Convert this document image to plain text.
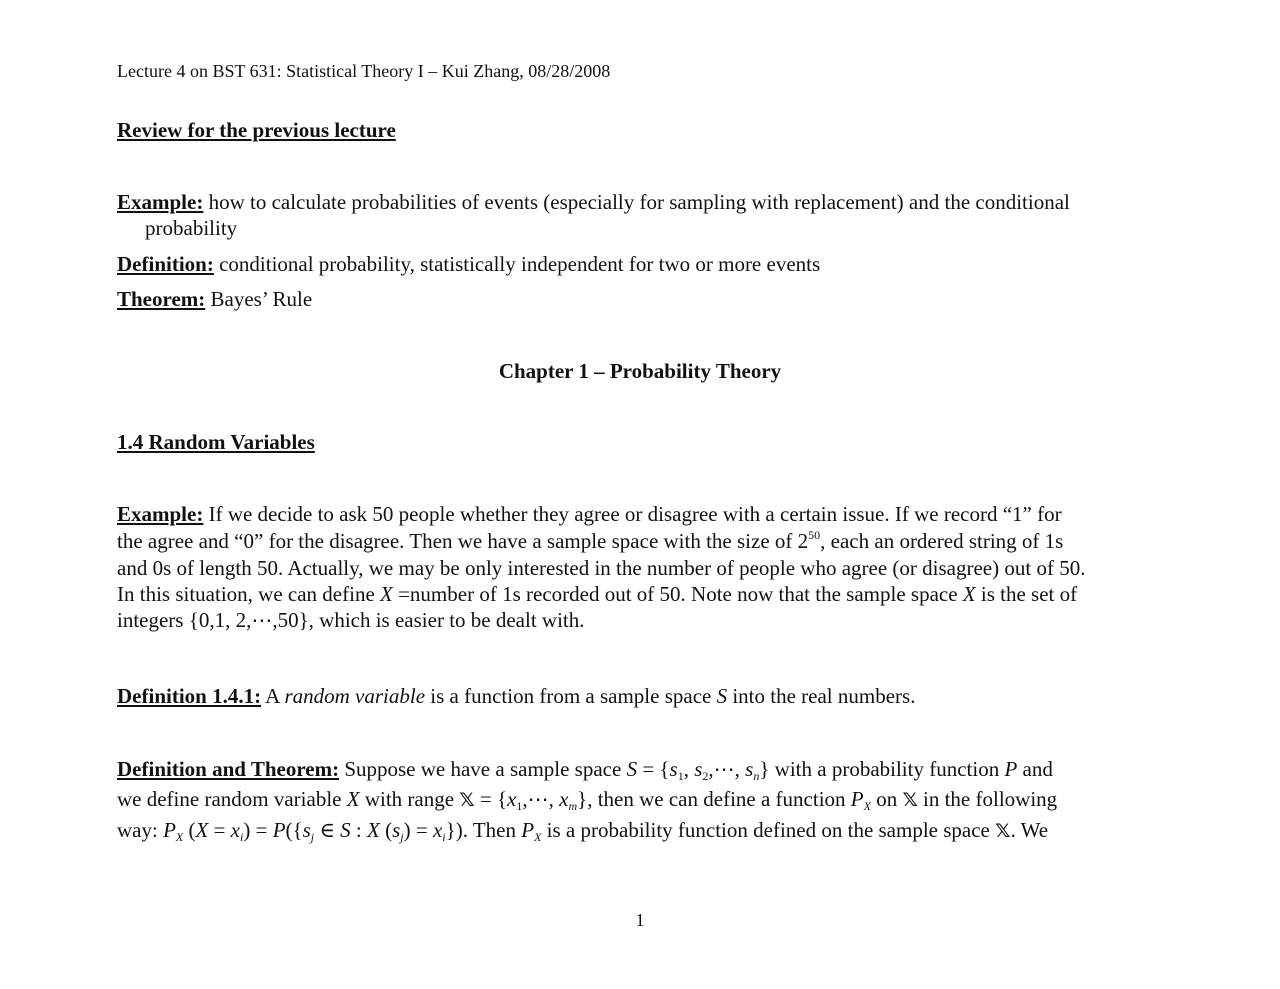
Lecture 4 on BST 631: Statistical Theory I – Kui Zhang, 08/28/2008
Review for the previous lecture
Example: how to calculate probabilities of events (especially for sampling with replacement) and the conditional
probability
Definition: conditional probability, statistically independent for two or more events
Theorem: Bayes’ Rule
Chapter 1 – Probability Theory
1.4 Random Variables
Example: If we decide to ask 50 people whether they agree or disagree with a certain issue. If we record “1” for
the agree and “0” for the disagree. Then we have a sample space with the size of $2^{50}$, each an ordered string of 1s
and 0s of length 50. Actually, we may be only interested in the number of people who agree (or disagree) out of 50.
In this situation, we can define X =number of 1s recorded out of 50. Note now that the sample space X is the set of
integers {0,1, 2,⋯,50}, which is easier to be dealt with.
Definition 1.4.1: A random variable is a function from a sample space S into the real numbers.
Definition and Theorem: Suppose we have a sample space $S = \{s_1$, $s_2,\cdots$, $s_n$} with a probability function P and
we define random variable X with range 𝕏 = {$x_1,\cdots$, $x_m$}, then we can define a function $P_X$ on 𝕏 in the following
way: $P_X$ $(X = x_i) = P(\{s_j$ ∈ S : X $(s_j) = x_i$}). Then $P_X$ is a probability function defined on the sample space 𝕏. We
1
